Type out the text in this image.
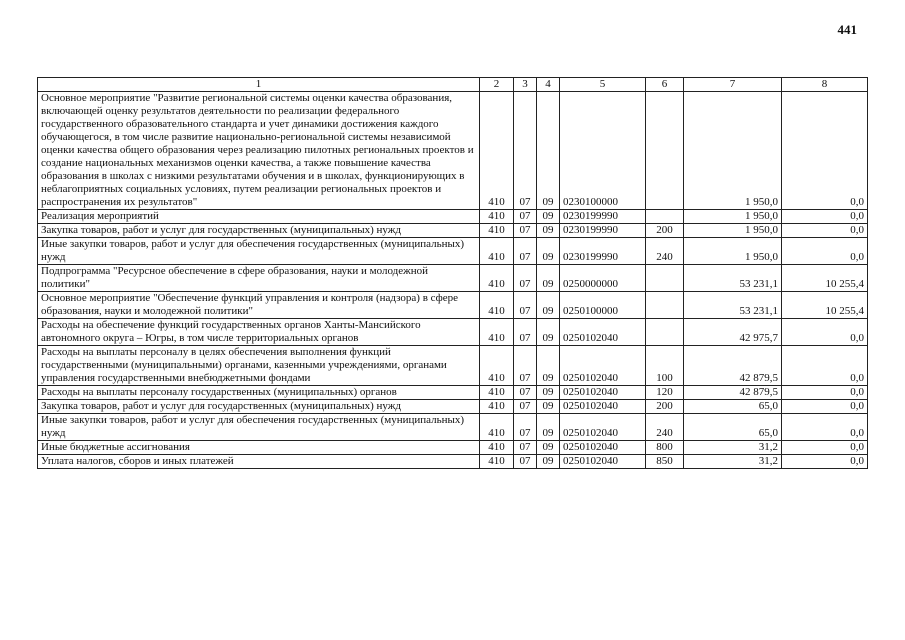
441
1	2	3	4	5	6	7	8
Основное мероприятие "Развитие региональной системы оценки качества образования, включающей оценку результатов деятельности по реализации федерального государственного образовательного стандарта и учет динамики достижения каждого обучающегося, в том числе развитие национально-региональной системы независимой оценки качества общего образования через реализацию пилотных региональных проектов и создание национальных механизмов оценки качества, а также повышение качества образования в школах с низкими результатами обучения и в школах, функционирующих в неблагоприятных социальных условиях, путем реализации региональных проектов и распространения их результатов"	410	07	09	0230100000		1 950,0	0,0
Реализация мероприятий	410	07	09	0230199990		1 950,0	0,0
Закупка товаров, работ и услуг для государственных (муниципальных) нужд	410	07	09	0230199990	200	1 950,0	0,0
Иные закупки товаров, работ и услуг для обеспечения государственных (муниципальных) нужд	410	07	09	0230199990	240	1 950,0	0,0
Подпрограмма "Ресурсное обеспечение в сфере образования, науки и молодежной политики"	410	07	09	0250000000		53 231,1	10 255,4
Основное мероприятие "Обеспечение функций управления и контроля (надзора) в сфере образования, науки и молодежной политики"	410	07	09	0250100000		53 231,1	10 255,4
Расходы на обеспечение функций государственных органов Ханты-Мансийского автономного округа – Югры, в том числе территориальных органов	410	07	09	0250102040		42 975,7	0,0
Расходы на выплаты персоналу в целях обеспечения выполнения функций государственными (муниципальными) органами, казенными учреждениями, органами управления государственными внебюджетными фондами	410	07	09	0250102040	100	42 879,5	0,0
Расходы на выплаты персоналу государственных (муниципальных) органов	410	07	09	0250102040	120	42 879,5	0,0
Закупка товаров, работ и услуг для государственных (муниципальных) нужд	410	07	09	0250102040	200	65,0	0,0
Иные закупки товаров, работ и услуг для обеспечения государственных (муниципальных) нужд	410	07	09	0250102040	240	65,0	0,0
Иные бюджетные ассигнования	410	07	09	0250102040	800	31,2	0,0
Уплата налогов, сборов и иных платежей	410	07	09	0250102040	850	31,2	0,0
